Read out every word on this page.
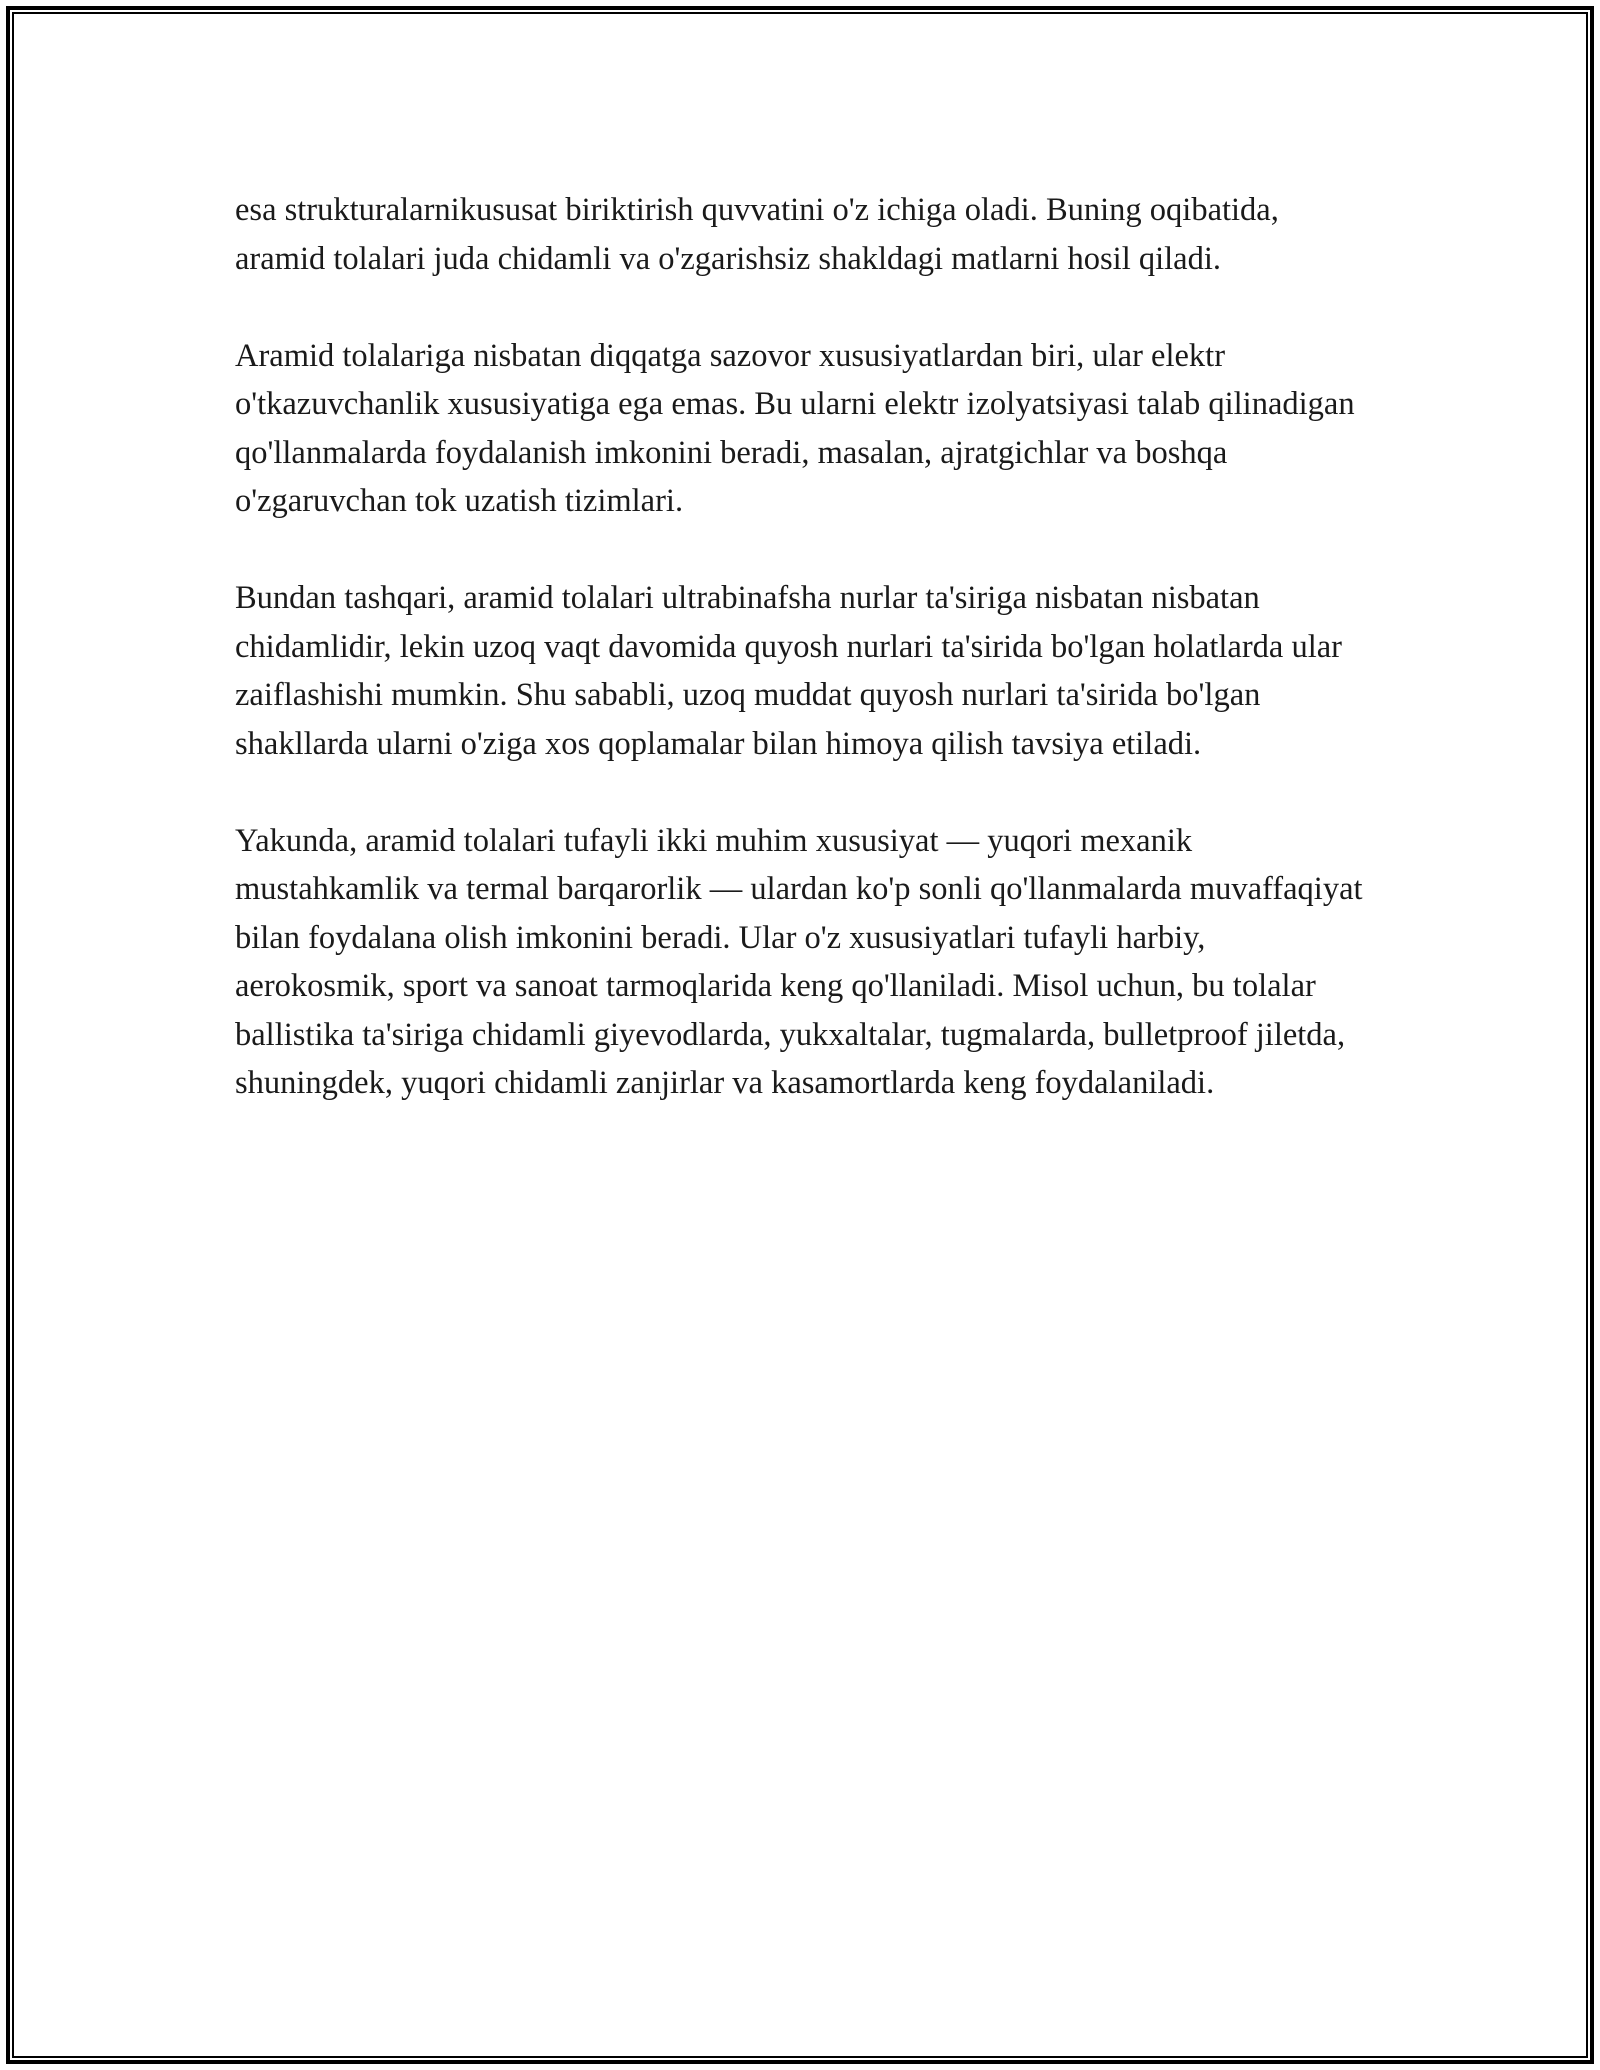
esa strukturalarnikususat biriktirish quvvatini o'z ichiga oladi. Buning oqibatida, aramid tolalari juda chidamli va o'zgarishsiz shakldagi matlarni hosil qiladi.

Aramid tolalariga nisbatan diqqatga sazovor xususiyatlardan biri, ular elektr o'tkazuvchanlik xususiyatiga ega emas. Bu ularni elektr izolyatsiyasi talab qilinadigan qo'llanmalarda foydalanish imkonini beradi, masalan, ajratgichlar va boshqa o'zgaruvchan tok uzatish tizimlari.

Bundan tashqari, aramid tolalari ultrabinafsha nurlar ta'siriga nisbatan nisbatan chidamlidir, lekin uzoq vaqt davomida quyosh nurlari ta'sirida bo'lgan holatlarda ular zaiflashishi mumkin. Shu sababli, uzoq muddat quyosh nurlari ta'sirida bo'lgan shakllarda ularni o'ziga xos qoplamalar bilan himoya qilish tavsiya etiladi.

Yakunda, aramid tolalari tufayli ikki muhim xususiyat — yuqori mexanik mustahkamlik va termal barqarorlik — ulardan ko'p sonli qo'llanmalarda muvaffaqiyat bilan foydalana olish imkonini beradi. Ular o'z xususiyatlari tufayli harbiy, aerokosmik, sport va sanoat tarmoqlarida keng qo'llaniladi. Misol uchun, bu tolalar ballistika ta'siriga chidamli giyevodlarda, yukxaltalar, tugmalarda, bulletproof jiletda, shuningdek, yuqori chidamli zanjirlar va kasamortlarda keng foydalaniladi.
